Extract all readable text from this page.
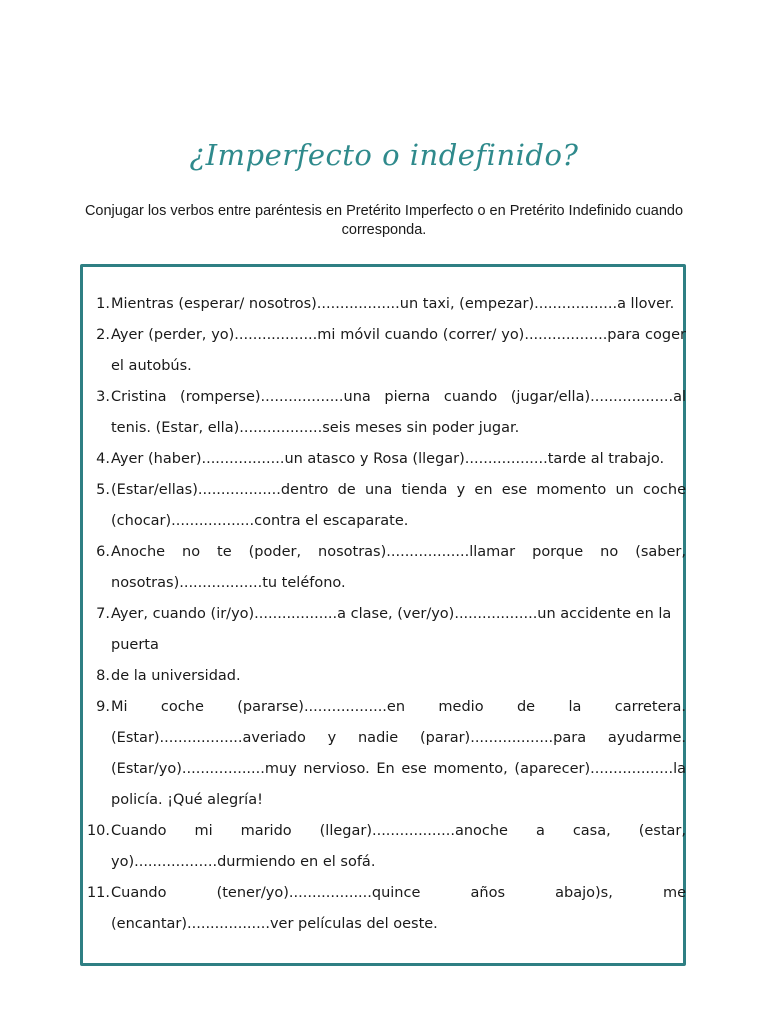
¿Imperfecto o indefinido?

Conjugar los verbos entre paréntesis en Pretérito Imperfecto o en Pretérito Indefinido cuando corresponda.

1. Mientras (esperar/ nosotros)..................un taxi, (empezar)..................a llover.
2. Ayer (perder, yo)..................mi móvil cuando (correr/ yo)..................para coger el autobús.
3. Cristina (romperse)..................una pierna cuando (jugar/ella)..................al tenis. (Estar, ella)..................seis meses sin poder jugar.
4. Ayer (haber)..................un atasco y Rosa (llegar)..................tarde al trabajo.
5. (Estar/ellas)..................dentro de una tienda y en ese momento un coche (chocar)..................contra el escaparate.
6. Anoche no te (poder, nosotras)..................llamar porque no (saber, nosotras)..................tu teléfono.
7. Ayer, cuando (ir/yo)..................a clase, (ver/yo)..................un accidente en la puerta
8. de la universidad.
9. Mi coche (pararse)..................en medio de la carretera. (Estar)..................averiado y nadie (parar)..................para ayudarme. (Estar/yo)..................muy nervioso. En ese momento, (aparecer)..................la policía. ¡Qué alegría!
10. Cuando mi marido (llegar)..................anoche a casa, (estar, yo)..................durmiendo en el sofá.
11. Cuando (tener/yo)..................quince años abajo)s, me (encantar)..................ver películas del oeste.
